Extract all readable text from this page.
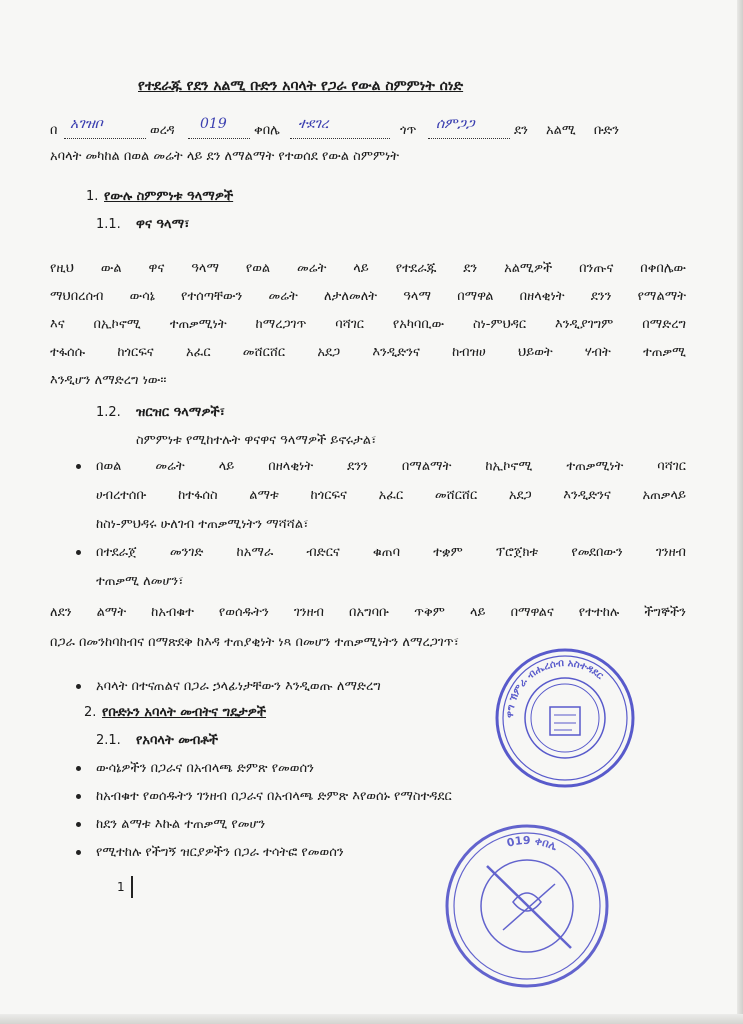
የተደራጁ የደን አልሚ ቡድን አባላት የጋራ የውል ስምምነት ሰነድ
በ አገዝቦ	ወረዳ 019 ቀበሌ ተደገረ	ጎጥ ሰምጋጋ	ደን አልሚ ቡድን
አባላት መካከል በወል መሬት ላይ ደን ለማልማት የተወሰደ የውል ስምምነት
1. የውሉ ስምምነቱ ዓላማዎች
1.1. ዋና ዓላማ፣
የዚህ ውል ዋና ዓላማ የወል መሬት ላይ የተደራጁ ደን አልሚዎች በንጡና በቀበሌው
ማህበረሰብ ውሳኔ የተሰጣቸውን መሬት ለታለመለት ዓላማ በማዋል በዘላቂነት ደንን የማልማት
እና በኢኮኖሚ ተጠቃሚነት ከማረጋገጥ ባሻገር የአካባቢው ስነ-ምህዳር እንዲያገግም በማድረግ
ተፋሰሱ ከጎርፍና አፈር መሸርሸር አደጋ እንዲድንና ከብዝሀ ህይወት ሃብት ተጠቃሚ
እንዲሆን ለማድረግ ነው፡፡
1.2. ዝርዝር ዓላማዎች፣
ስምምነቱ የሚከተሉት ዋናዋና ዓላማዎች ይኖሩታል፣
በወል መሬት ላይ በዘላቂነት ደንን በማልማት ከኢኮኖሚ ተጠቃሚነት ባሻገር
ሀብረተሰቡ ከተፋሰስ ልማቱ ከጎርፍና አፈር መሸርሸር አደጋ እንዲድንና አጠቃላይ
ከስነ-ምህዳሩ ሁለገብ ተጠቃሚነትን ማሻሻል፣
በተደራጀ መንገድ ከአማራ ብድርና ቁጠባ ተቋም ፕሮጀክቱ የመደበውን ገንዘብ
ተጠቃሚ ለመሆን፣
ለደን ልማት ከአብቁተ የወሰዱትን ገንዘብ በአግባቡ ጥቅም ላይ በማዋልና የተተከሉ ችግኞችን
በጋራ በመንከባከብና በማጽደቅ ከእዳ ተጠያቂነት ነጻ በመሆን ተጠቃሚነትን ለማረጋገጥ፣
አባላት በተናጠልና በጋራ ኃላፊነታቸውን እንዲወጡ ለማድረግ
2. የቡድኑን አባላት መብትና ግዴታዎች
2.1. የአባላት መብቶች
ውሳኔዎችን በጋራና በአብላጫ ድምጽ የመወሰን
ከአብቁተ የወሰዱትን ገንዘብ በጋራና በአብላጫ ድምጽ እየወሰኑ የማስተዳደር
ከደን ልማቱ እኩል ተጠቃሚ የመሆን
የሚተከሉ የችግኝ ዝርያዎችን በጋራ ተሳትፎ የመወሰን
1
ዋግ ኽምራ ብሔረሰብ አስተዳደር
019 ቀበሌ
